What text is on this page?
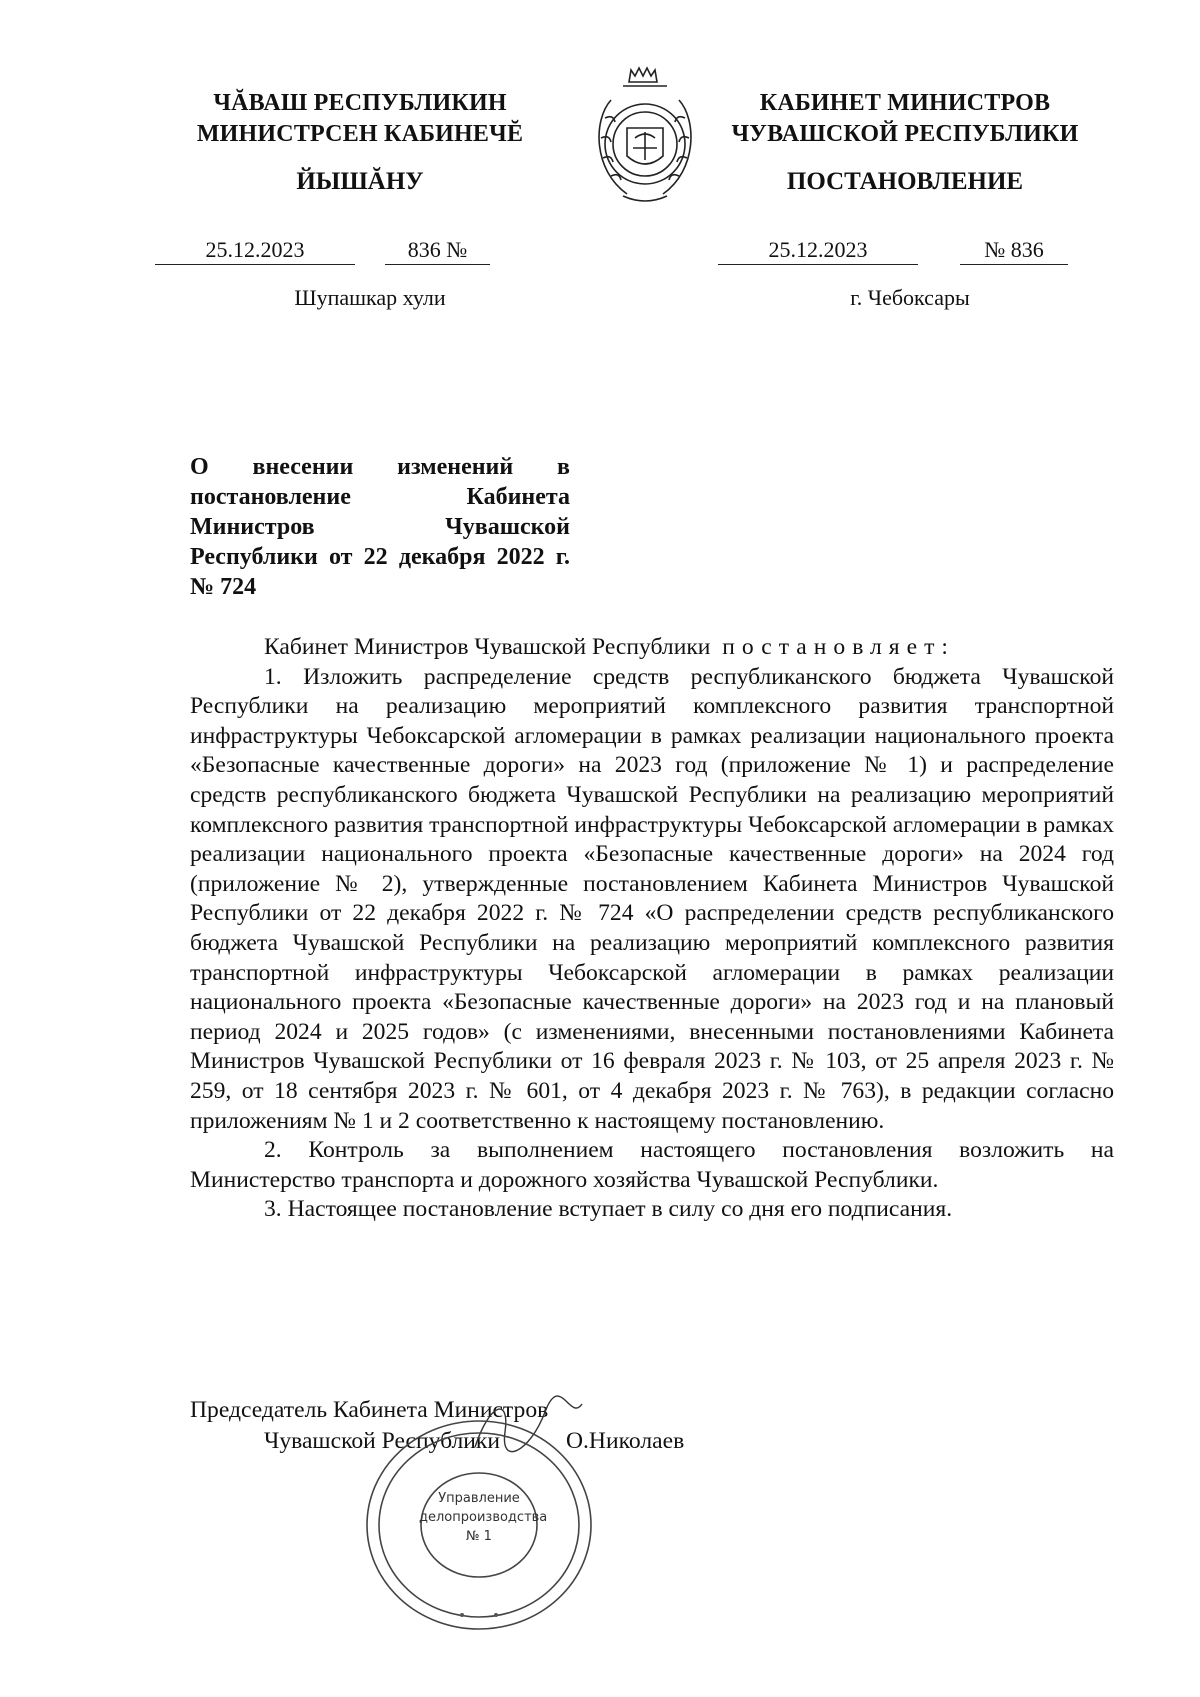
ЧĂВАШ РЕСПУБЛИКИН
МИНИСТРСЕН КАБИНЕЧĔ
ЙЫШĂНУ
25.12.2023	836 №
Шупашкар хули
КАБИНЕТ МИНИСТРОВ
ЧУВАШСКОЙ РЕСПУБЛИКИ
ПОСТАНОВЛЕНИЕ
25.12.2023	№ 836
г. Чебоксары
О внесении изменений в постановление Кабинета Министров Чувашской Республики от 22 декабря 2022 г. № 724

Кабинет Министров Чувашской Республики постановляет:

1. Изложить распределение средств республиканского бюджета Чувашской Республики на реализацию мероприятий комплексного развития транспортной инфраструктуры Чебоксарской агломерации в рамках реализации национального проекта «Безопасные качественные дороги» на 2023 год (приложение № 1) и распределение средств республиканского бюджета Чувашской Республики на реализацию мероприятий комплексного развития транспортной инфраструктуры Чебоксарской агломерации в рамках реализации национального проекта «Безопасные качественные дороги» на 2024 год (приложение № 2), утвержденные постановлением Кабинета Министров Чувашской Республики от 22 декабря 2022 г. № 724 «О распределении средств республиканского бюджета Чувашской Республики на реализацию мероприятий комплексного развития транспортной инфраструктуры Чебоксарской агломерации в рамках реализации национального проекта «Безопасные качественные дороги» на 2023 год и на плановый период 2024 и 2025 годов» (с изменениями, внесенными постановлениями Кабинета Министров Чувашской Республики от 16 февраля 2023 г. № 103, от 25 апреля 2023 г. № 259, от 18 сентября 2023 г. № 601, от 4 декабря 2023 г. № 763), в редакции согласно приложениям № 1 и 2 соответственно к настоящему постановлению.

2. Контроль за выполнением настоящего постановления возложить на Министерство транспорта и дорожного хозяйства Чувашской Республики.

3. Настоящее постановление вступает в силу со дня его подписания.

Председатель Кабинета Министров
Чувашской Республики	О.Николаев
Управление
делопроизводства
№ 1
